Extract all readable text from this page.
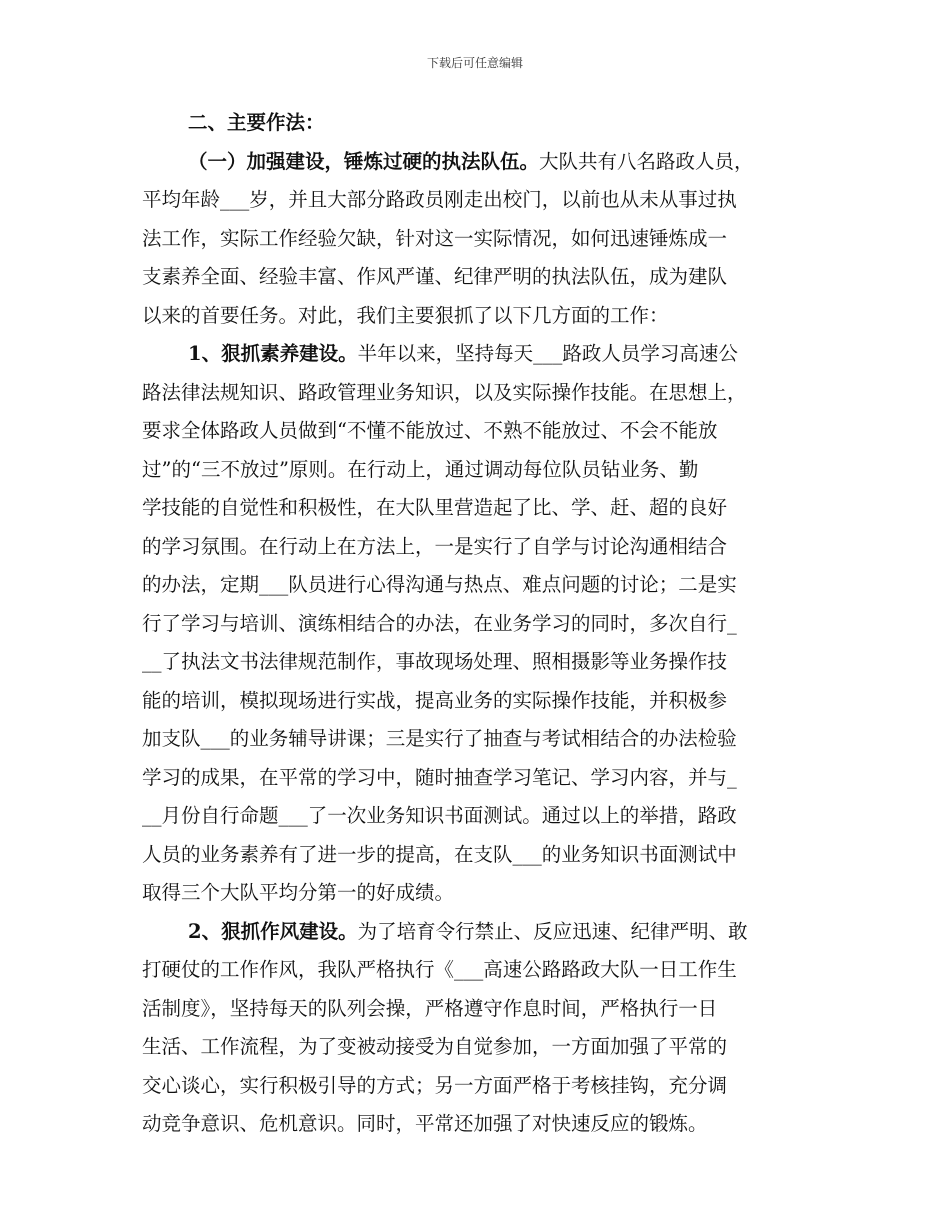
下载后可任意编辑
二、主要作法：
（一）加强建设，锤炼过硬的执法队伍。大队共有八名路政人员，
平均年龄___岁，并且大部分路政员刚走出校门，以前也从未从事过执
法工作，实际工作经验欠缺，针对这一实际情况，如何迅速锤炼成一
支素养全面、经验丰富、作风严谨、纪律严明的执法队伍，成为建队
以来的首要任务。对此，我们主要狠抓了以下几方面的工作：
1、狠抓素养建设。半年以来，坚持每天___路政人员学习高速公
路法律法规知识、路政管理业务知识，以及实际操作技能。在思想上，
要求全体路政人员做到“不懂不能放过、不熟不能放过、不会不能放
过”的“三不放过”原则。在行动上，通过调动每位队员钻业务、勤
学技能的自觉性和积极性，在大队里营造起了比、学、赶、超的良好
的学习氛围。在行动上在方法上，一是实行了自学与讨论沟通相结合
的办法，定期___队员进行心得沟通与热点、难点问题的讨论；二是实
行了学习与培训、演练相结合的办法，在业务学习的同时，多次自行_
__了执法文书法律规范制作，事故现场处理、照相摄影等业务操作技
能的培训，模拟现场进行实战，提高业务的实际操作技能，并积极参
加支队___的业务辅导讲课；三是实行了抽查与考试相结合的办法检验
学习的成果，在平常的学习中，随时抽查学习笔记、学习内容，并与_
__月份自行命题___了一次业务知识书面测试。通过以上的举措，路政
人员的业务素养有了进一步的提高，在支队___的业务知识书面测试中
取得三个大队平均分第一的好成绩。
2、狠抓作风建设。为了培育令行禁止、反应迅速、纪律严明、敢
打硬仗的工作作风，我队严格执行《___高速公路路政大队一日工作生
活制度》，坚持每天的队列会操，严格遵守作息时间，严格执行一日
生活、工作流程，为了变被动接受为自觉参加，一方面加强了平常的
交心谈心，实行积极引导的方式；另一方面严格于考核挂钩，充分调
动竞争意识、危机意识。同时，平常还加强了对快速反应的锻炼。
